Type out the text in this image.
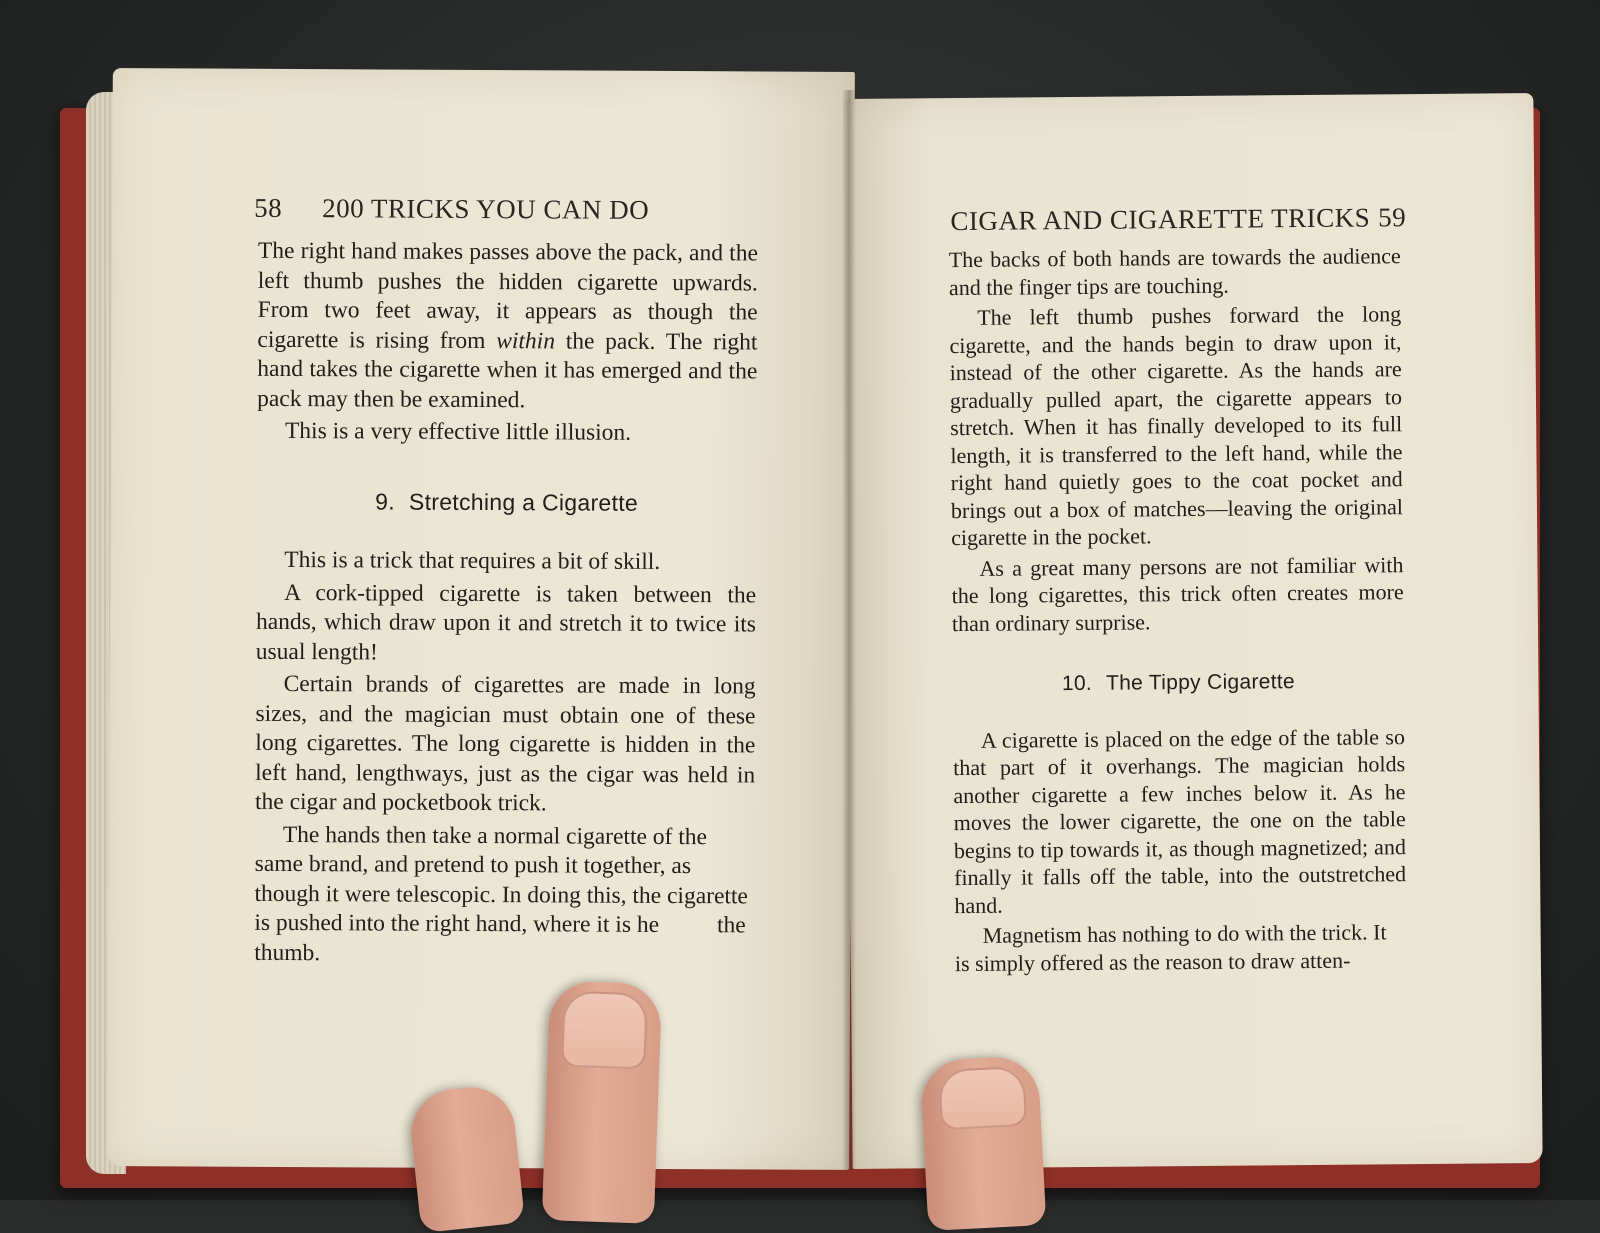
58 200 TRICKS YOU CAN DO

The right hand makes passes above the pack, and the left thumb pushes the hidden cigarette upwards. From two feet away, it appears as though the cigarette is rising from within the pack. The right hand takes the cigarette when it has emerged and the pack may then be examined.

This is a very effective little illusion.

9. Stretching a Cigarette

This is a trick that requires a bit of skill.

A cork-tipped cigarette is taken between the hands, which draw upon it and stretch it to twice its usual length!

Certain brands of cigarettes are made in long sizes, and the magician must obtain one of these long cigarettes. The long cigarette is hidden in the left hand, lengthways, just as the cigar was held in the cigar and pocketbook trick.

The hands then take a normal cigarette of the same brand, and pretend to push it together, as though it were telescopic. In doing this, the cigarette is pushed into the right hand, where it is he the thumb.

CIGAR AND CIGARETTE TRICKS 59

The backs of both hands are towards the audience and the finger tips are touching.

The left thumb pushes forward the long cigarette, and the hands begin to draw upon it, instead of the other cigarette. As the hands are gradually pulled apart, the cigarette appears to stretch. When it has finally developed to its full length, it is transferred to the left hand, while the right hand quietly goes to the coat pocket and brings out a box of matches—leaving the original cigarette in the pocket.

As a great many persons are not familiar with the long cigarettes, this trick often creates more than ordinary surprise.

10. The Tippy Cigarette

A cigarette is placed on the edge of the table so that part of it overhangs. The magician holds another cigarette a few inches below it. As he moves the lower cigarette, the one on the table begins to tip towards it, as though magnetized; and finally it falls off the table, into the outstretched hand.

Magnetism has nothing to do with the trick. It is simply offered as the reason to draw atten-
